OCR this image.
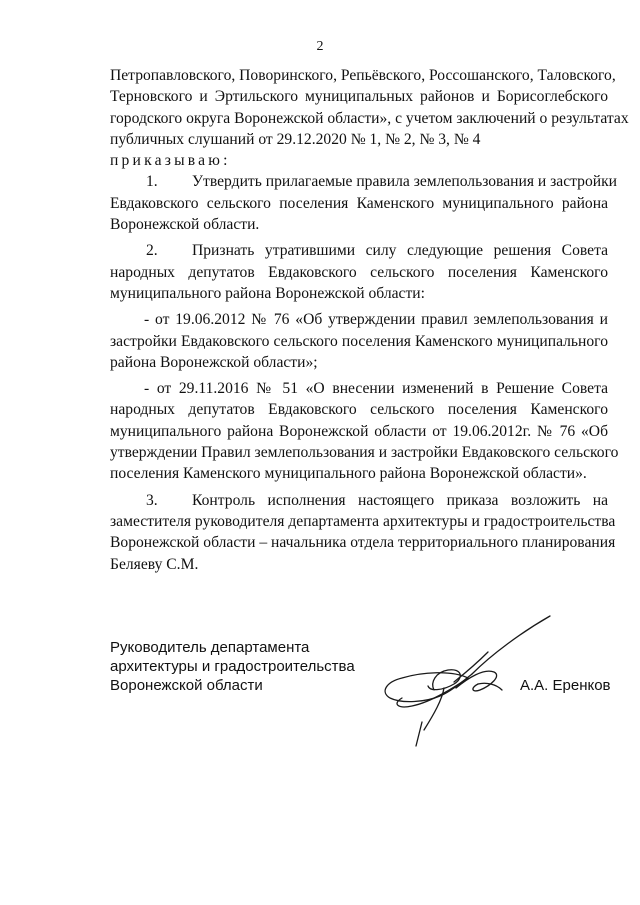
2
Петропавловского, Поворинского, Репьёвского, Россошанского, Таловского,
Терновского и Эртильского муниципальных районов и Борисоглебского
городского округа Воронежской области», с учетом заключений о результатах
публичных слушаний от 29.12.2020 № 1, № 2, № 3, № 4
приказываю:
1. Утвердить прилагаемые правила землепользования и застройки
Евдаковского сельского поселения Каменского муниципального района
Воронежской области.
2. Признать утратившими силу следующие решения Совета
народных депутатов Евдаковского сельского поселения Каменского
муниципального района Воронежской области:
- от 19.06.2012 № 76 «Об утверждении правил землепользования и
застройки Евдаковского сельского поселения Каменского муниципального
района Воронежской области»;
- от 29.11.2016 № 51 «О внесении изменений в Решение Совета
народных депутатов Евдаковского сельского поселения Каменского
муниципального района Воронежской области от 19.06.2012г. № 76 «Об
утверждении Правил землепользования и застройки Евдаковского сельского
поселения Каменского муниципального района Воронежской области».
3. Контроль исполнения настоящего приказа возложить на
заместителя руководителя департамента архитектуры и градостроительства
Воронежской области – начальника отдела территориального планирования
Беляеву С.М.
Руководитель департамента
архитектуры и градостроительства
Воронежской области	А.А. Еренков
